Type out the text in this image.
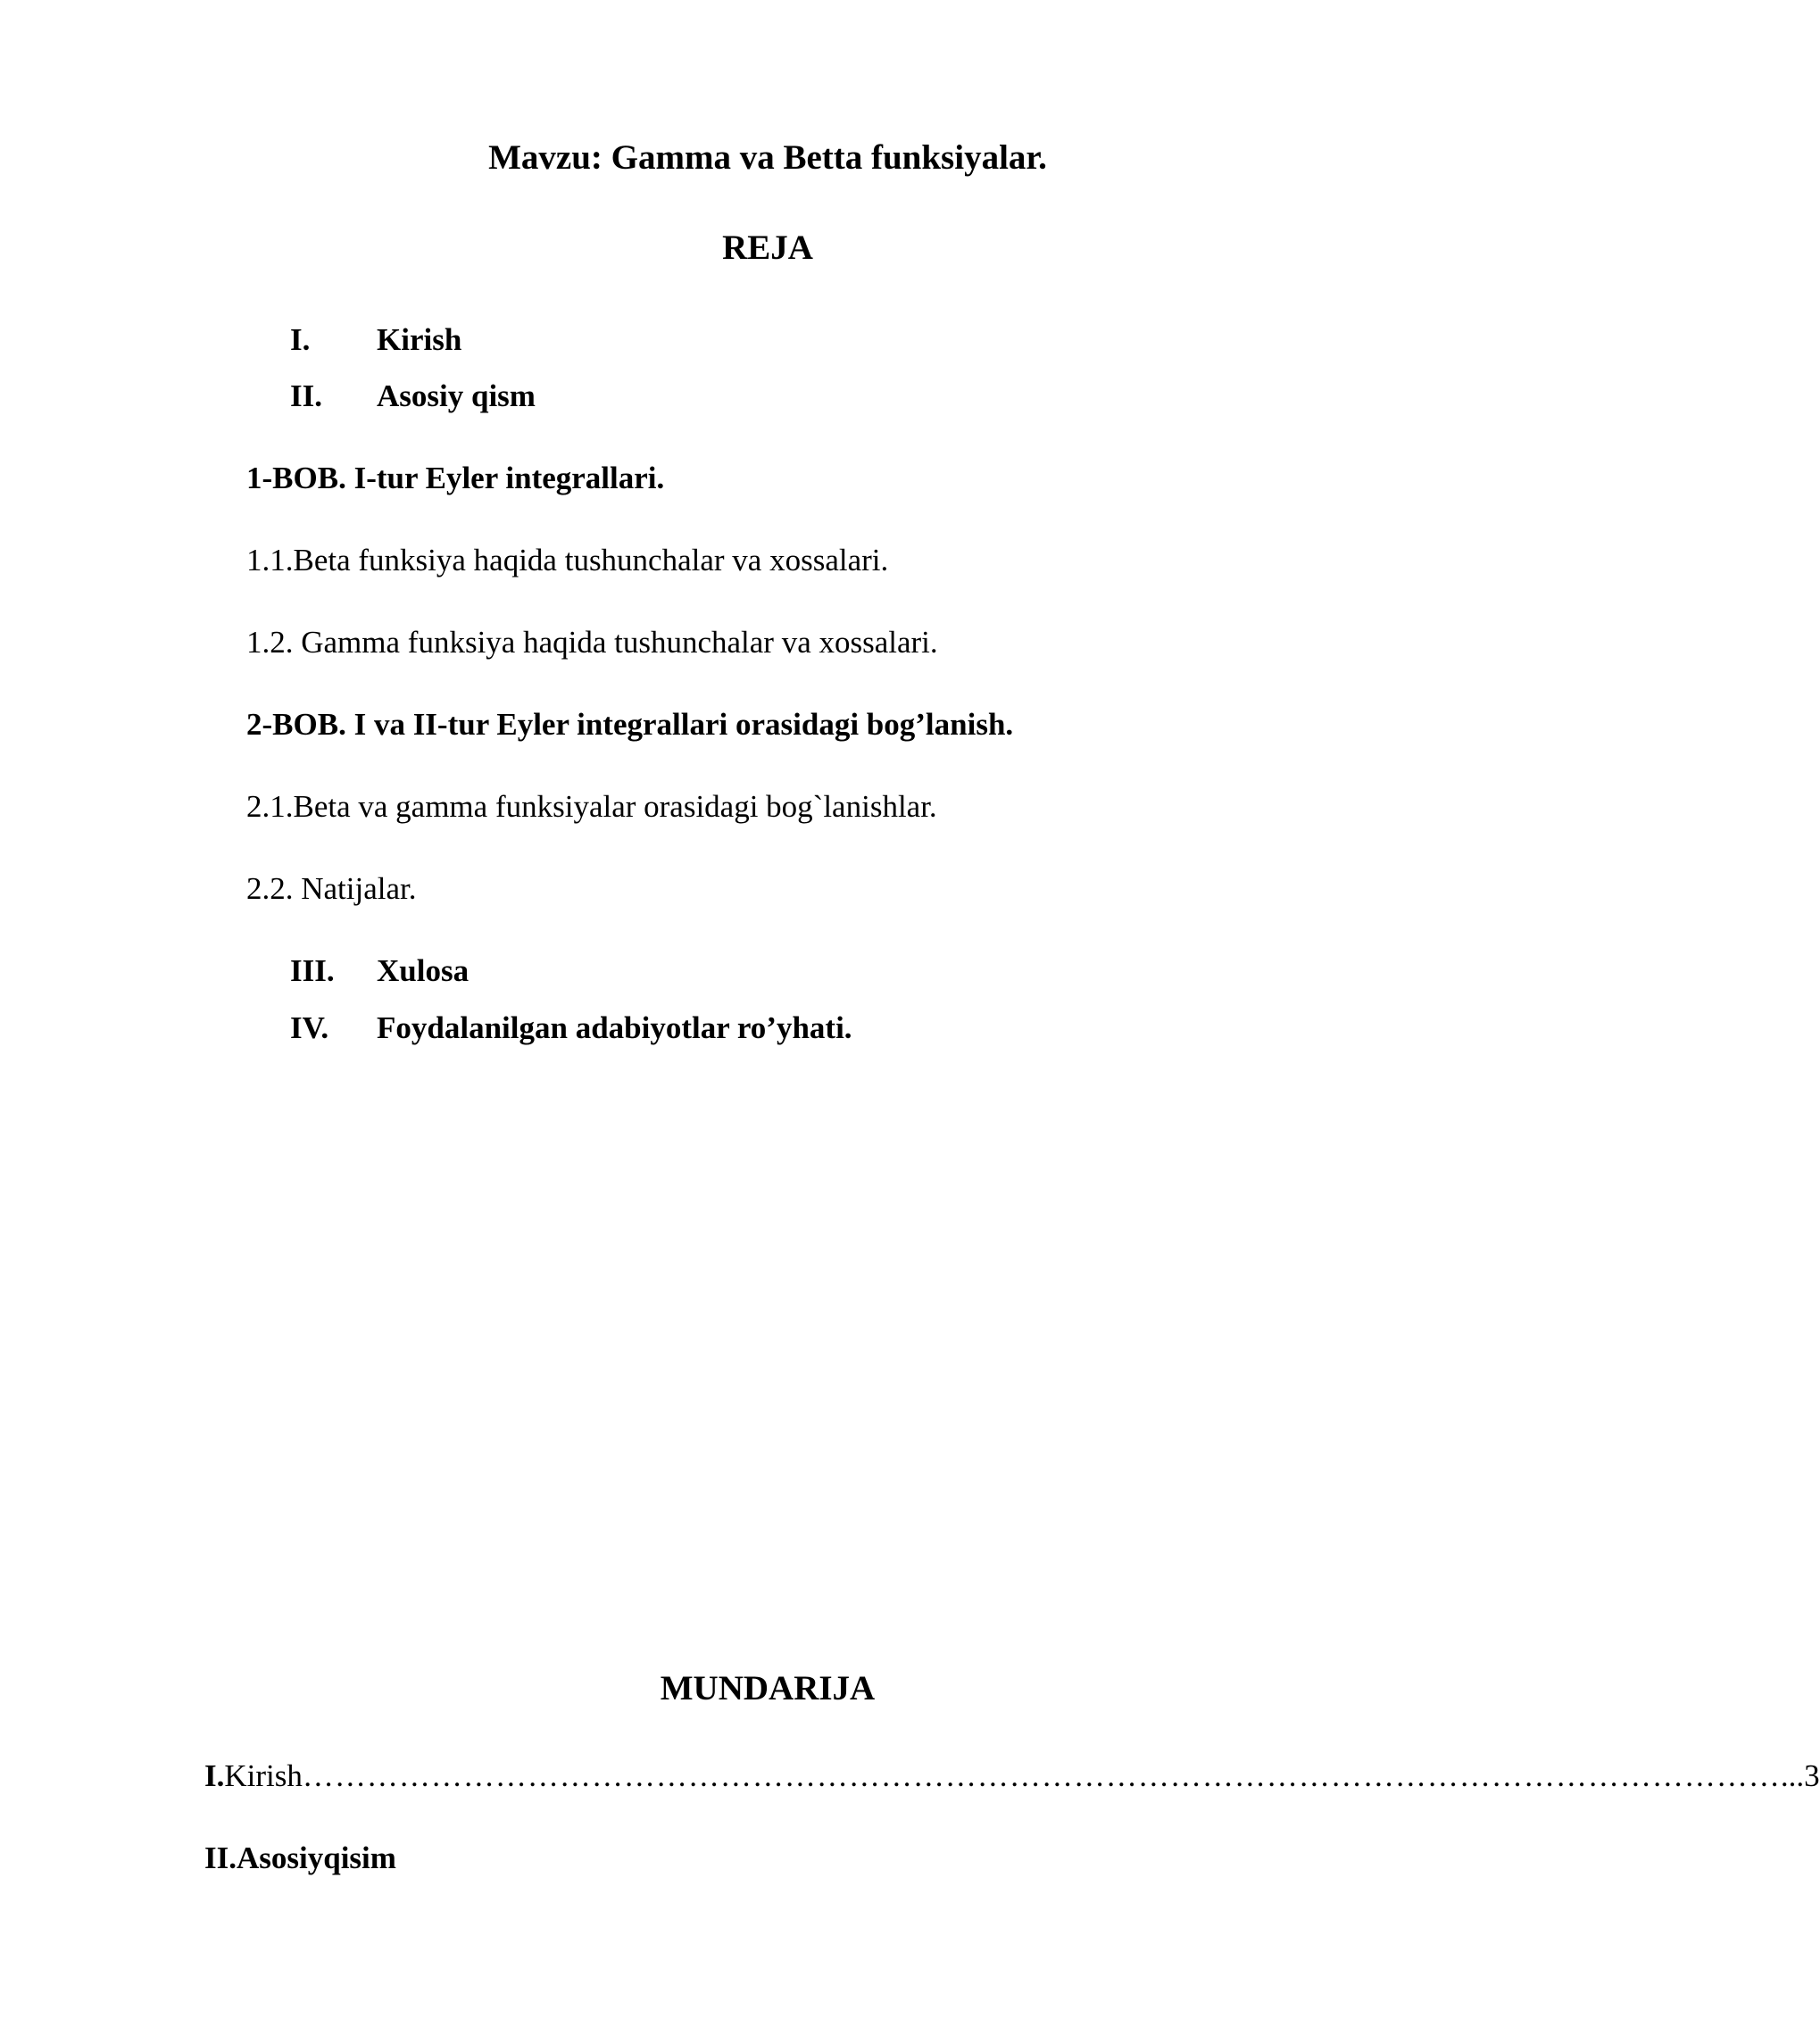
Mavzu: Gamma va Betta funksiyalar.
REJA
I.	Kirish
II.	Asosiy qism
1-BOB. I-tur Eyler integrallari.
1.1.Beta funksiya haqida tushunchalar va xossalari.
1.2. Gamma funksiya haqida tushunchalar va xossalari.
2-BOB. I va II-tur Eyler integrallari orasidagi bog’lanish.
2.1.Beta va gamma funksiyalar orasidagi bog`lanishlar.
2.2. Natijalar.
III.	Xulosa
IV.	Foydalanilgan adabiyotlar ro’yhati.
MUNDARIJA
I. Kirish ………………………………………………………………………………………………………………………… ...3
II.Asosiyqisim
